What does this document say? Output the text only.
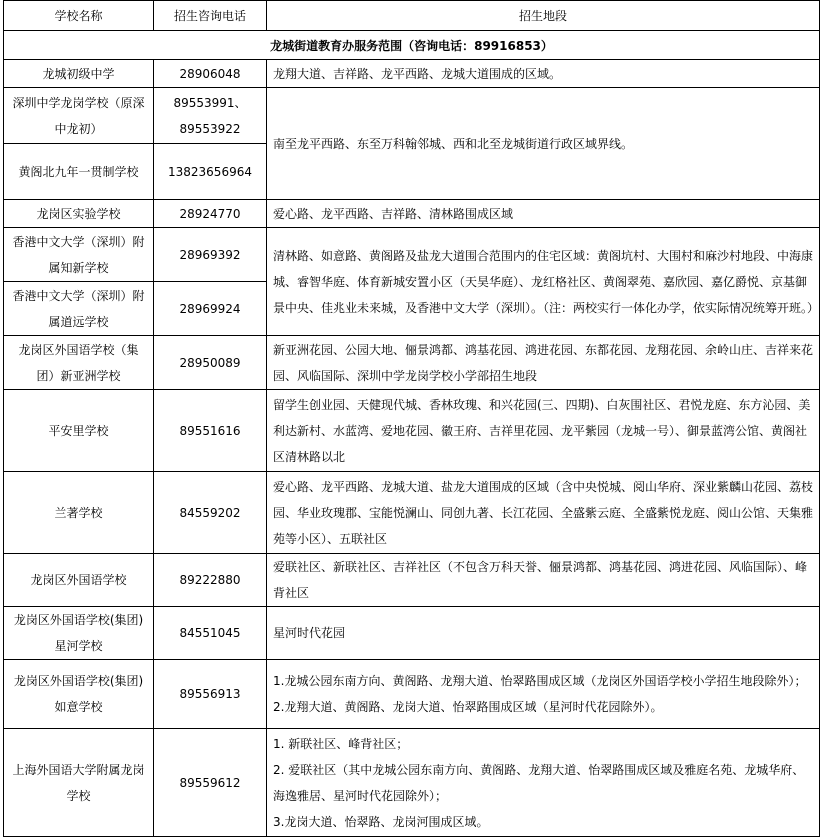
学校名称	招生咨询电话	招生地段
龙城街道教育办服务范围（咨询电话：89916853）		
龙城初级中学	28906048	龙翔大道、吉祥路、龙平西路、龙城大道围成的区域。
深圳中学龙岗学校（原深中龙初）	89553991、89553922	南至龙平西路、东至万科翰邻城、西和北至龙城街道行政区域界线。
黄阁北九年一贯制学校	13823656964	
龙岗区实验学校	28924770	爱心路、龙平西路、吉祥路、清林路围成区域
香港中文大学（深圳）附属知新学校	28969392	清林路、如意路、黄阁路及盐龙大道围合范围内的住宅区域：黄阁坑村、大围村和麻沙村地段、中海康城、睿智华庭、体育新城安置小区（天昊华庭）、龙红格社区、黄阁翠苑、嘉欣园、嘉亿爵悦、京基御景中央、佳兆业未来城，及香港中文大学（深圳）。（注：两校实行一体化办学，依实际情况统筹开班。）
香港中文大学（深圳）附属道远学校	28969924	
龙岗区外国语学校（集团）新亚洲学校	28950089	新亚洲花园、公园大地、俪景鸿都、鸿基花园、鸿进花园、东都花园、龙翔花园、余岭山庄、吉祥来花园、风临国际、深圳中学龙岗学校小学部招生地段
平安里学校	89551616	留学生创业园、天健现代城、香林玫瑰、和兴花园(三、四期)、白灰围社区、君悦龙庭、东方沁园、美利达新村、水蓝湾、爱地花园、徽王府、吉祥里花园、龙平紫园（龙城一号）、御景蓝湾公馆、黄阁社区清林路以北
兰著学校	84559202	爱心路、龙平西路、龙城大道、盐龙大道围成的区域（含中央悦城、阅山华府、深业紫麟山花园、荔枝园、华业玫瑰郡、宝能悦澜山、同创九著、长江花园、全盛紫云庭、全盛紫悦龙庭、阅山公馆、天集雅苑等小区）、五联社区
龙岗区外国语学校	89222880	爱联社区、新联社区、吉祥社区（不包含万科天誉、俪景鸿都、鸿基花园、鸿进花园、风临国际）、峰背社区
龙岗区外国语学校(集团)星河学校	84551045	星河时代花园
龙岗区外国语学校(集团)如意学校	89556913	1.龙城公园东南方向、黄阁路、龙翔大道、怡翠路围成区域（龙岗区外国语学校小学招生地段除外）；
2.龙翔大道、黄阁路、龙岗大道、怡翠路围成区域（星河时代花园除外）。

上海外国语大学附属龙岗学校	89559612	1. 新联社区、峰背社区；
2. 爱联社区（其中龙城公园东南方向、黄阁路、龙翔大道、怡翠路围成区域及雅庭名苑、龙城华府、海逸雅居、星河时代花园除外）；
3.龙岗大道、怡翠路、龙岗河围成区域。
